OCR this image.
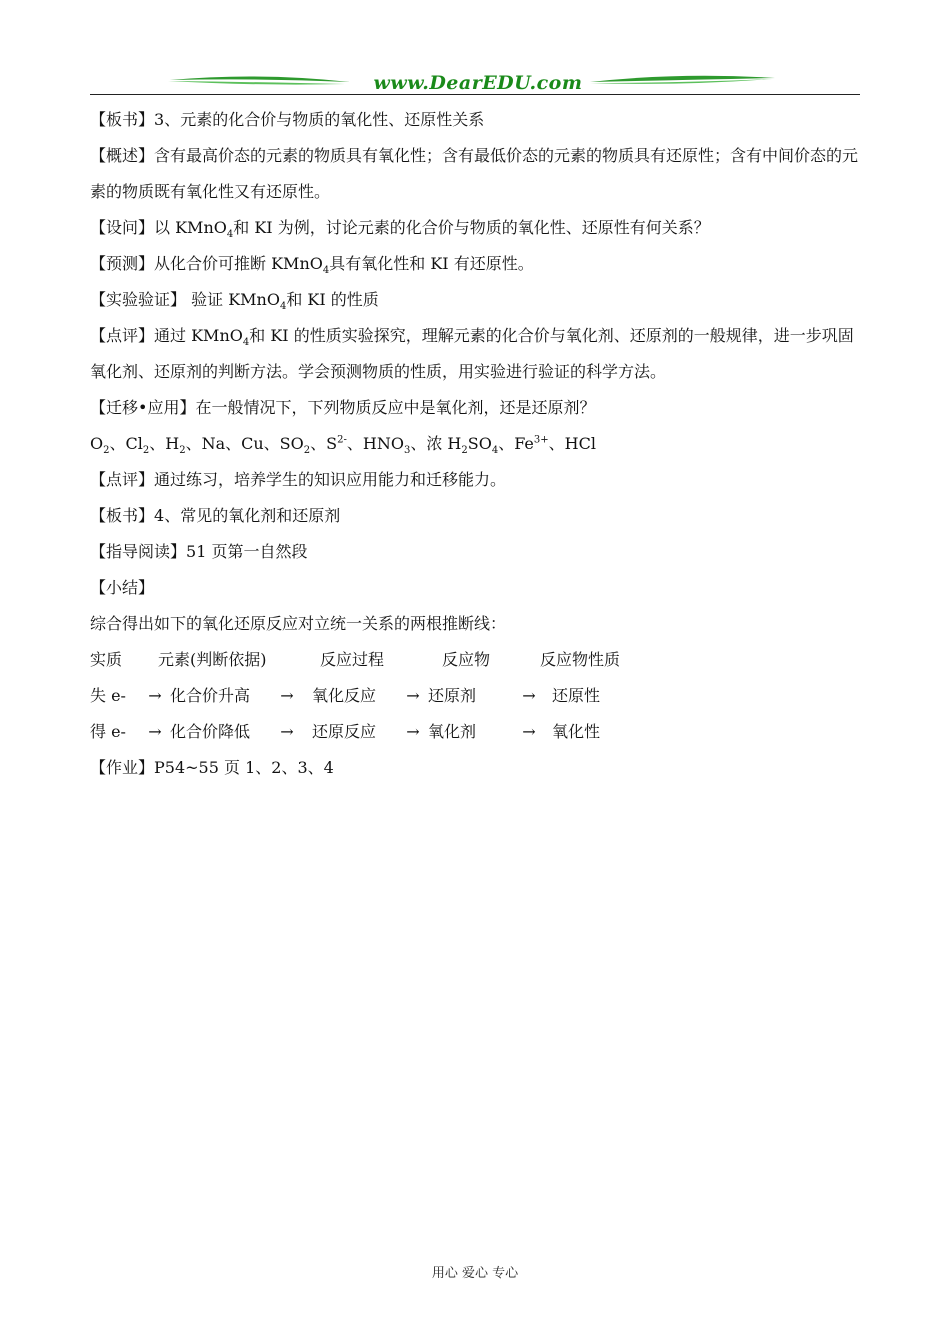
www.DearEDU.com
【板书】3、元素的化合价与物质的氧化性、还原性关系
【概述】含有最高价态的元素的物质具有氧化性；含有最低价态的元素的物质具有还原性；含有中间价态的元素的物质既有氧化性又有还原性。
【设问】以 KMnO$_4$和 KI 为例，讨论元素的化合价与物质的氧化性、还原性有何关系？
【预测】从化合价可推断 KMnO$_4$具有氧化性和 KI 有还原性。
【实验验证】 验证 KMnO$_4$和 KI 的性质
【点评】通过 KMnO$_4$和 KI 的性质实验探究，理解元素的化合价与氧化剂、还原剂的一般规律，进一步巩固氧化剂、还原剂的判断方法。学会预测物质的性质，用实验进行验证的科学方法。
【迁移•应用】在一般情况下，下列物质反应中是氧化剂，还是还原剂？
$O_2$、$Cl_2$、$H_2$、Na、Cu、$SO_2$、$S^{2-}$、$HNO_3$、浓 $H_2SO_4$、$Fe^{3+}$、HCl
【点评】通过练习，培养学生的知识应用能力和迁移能力。
【板书】4、常见的氧化剂和还原剂
【指导阅读】51 页第一自然段
【小结】
综合得出如下的氧化还原反应对立统一关系的两根推断线：
实质	元素(判断依据)	反应过程	反应物	反应物性质
失 e-	→ 化合价升高	→	氧化反应	→ 还原剂	→	还原性
得 e-	→ 化合价降低	→	还原反应	→ 氧化剂	→	氧化性
【作业】P54~55 页 1、2、3、4
用心 爱心 专心
